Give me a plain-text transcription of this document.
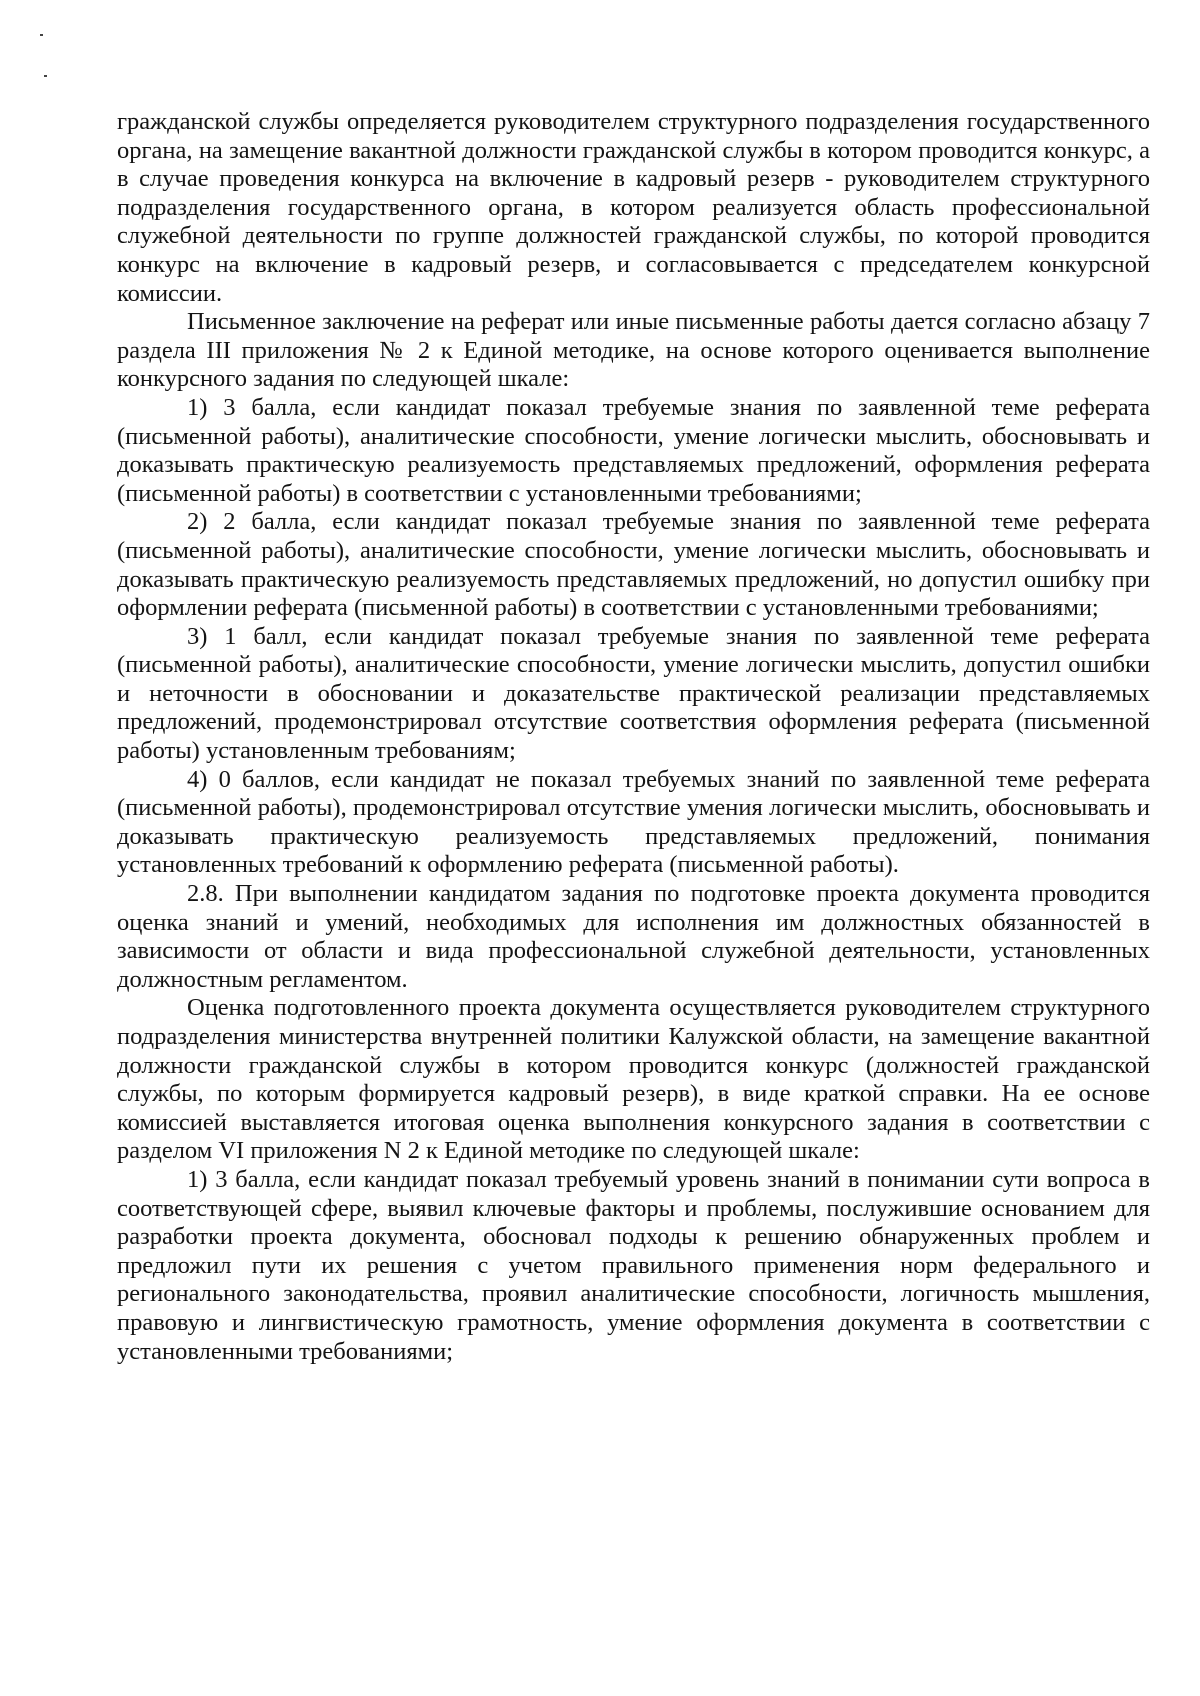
гражданской службы определяется руководителем структурного подразделения государственного органа, на замещение вакантной должности гражданской службы в котором проводится конкурс, а в случае проведения конкурса на включение в кадровый резерв - руководителем структурного подразделения государственного органа, в котором реализуется область профессиональной служебной деятельности по группе должностей гражданской службы, по которой проводится конкурс на включение в кадровый резерв, и согласовывается с председателем конкурсной комиссии.

Письменное заключение на реферат или иные письменные работы дается согласно абзацу 7 раздела III приложения № 2 к Единой методике, на основе которого оценивается выполнение конкурсного задания по следующей шкале:

1) 3 балла, если кандидат показал требуемые знания по заявленной теме реферата (письменной работы), аналитические способности, умение логически мыслить, обосновывать и доказывать практическую реализуемость представляемых предложений, оформления реферата (письменной работы) в соответствии с установленными требованиями;

2) 2 балла, если кандидат показал требуемые знания по заявленной теме реферата (письменной работы), аналитические способности, умение логически мыслить, обосновывать и доказывать практическую реализуемость представляемых предложений, но допустил ошибку при оформлении реферата (письменной работы) в соответствии с установленными требованиями;

3) 1 балл, если кандидат показал требуемые знания по заявленной теме реферата (письменной работы), аналитические способности, умение логически мыслить, допустил ошибки и неточности в обосновании и доказательстве практической реализации представляемых предложений, продемонстрировал отсутствие соответствия оформления реферата (письменной работы) установленным требованиям;

4) 0 баллов, если кандидат не показал требуемых знаний по заявленной теме реферата (письменной работы), продемонстрировал отсутствие умения логически мыслить, обосновывать и доказывать практическую реализуемость представляемых предложений, понимания установленных требований к оформлению реферата (письменной работы).

2.8. При выполнении кандидатом задания по подготовке проекта документа проводится оценка знаний и умений, необходимых для исполнения им должностных обязанностей в зависимости от области и вида профессиональной служебной деятельности, установленных должностным регламентом.

Оценка подготовленного проекта документа осуществляется руководителем структурного подразделения министерства внутренней политики Калужской области, на замещение вакантной должности гражданской службы в котором проводится конкурс (должностей гражданской службы, по которым формируется кадровый резерв), в виде краткой справки. На ее основе комиссией выставляется итоговая оценка выполнения конкурсного задания в соответствии с разделом VI приложения N 2 к Единой методике по следующей шкале:

1) 3 балла, если кандидат показал требуемый уровень знаний в понимании сути вопроса в соответствующей сфере, выявил ключевые факторы и проблемы, послужившие основанием для разработки проекта документа, обосновал подходы к решению обнаруженных проблем и предложил пути их решения с учетом правильного применения норм федерального и регионального законодательства, проявил аналитические способности, логичность мышления, правовую и лингвистическую грамотность, умение оформления документа в соответствии с установленными требованиями;
